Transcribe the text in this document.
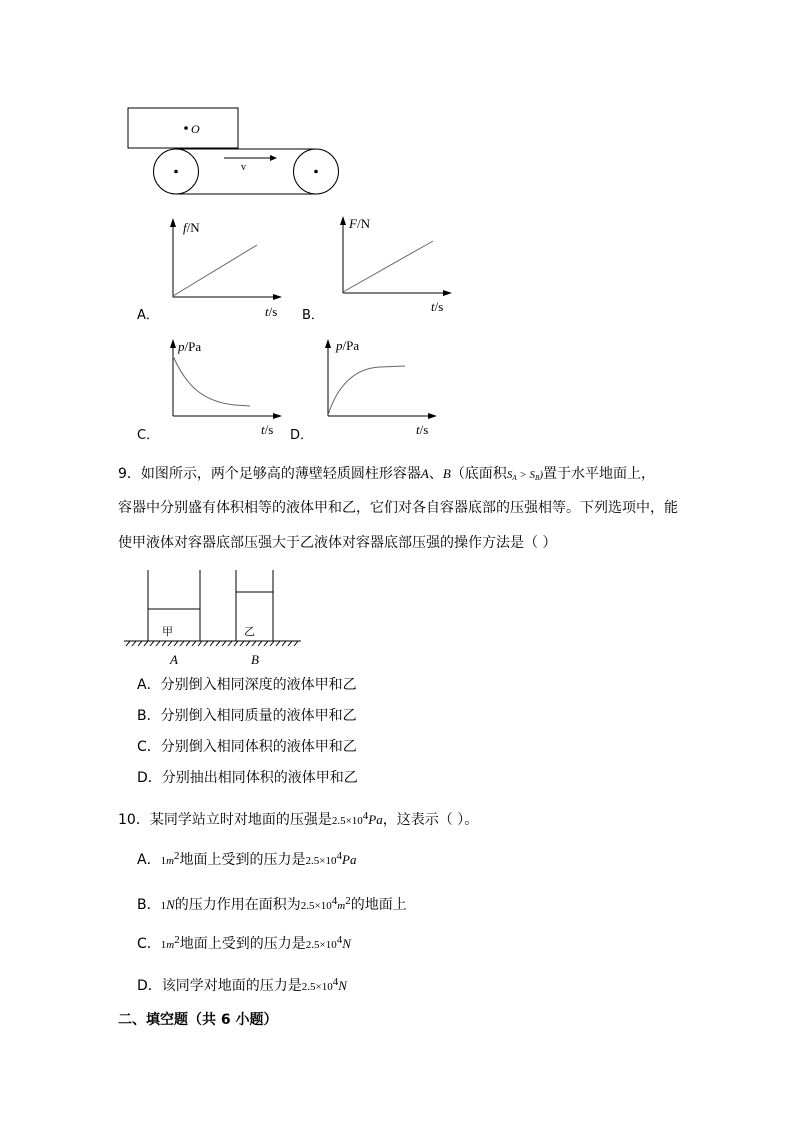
O
v
f/N
t/s
A．
F/N
t/s
B．
p/Pa
t/s
C．
p/Pa
t/s
D．
9．如图所示，两个足够高的薄壁轻质圆柱形容器A、B（底面积$S_A > S_B$)置于水平地面上，
容器中分别盛有体积相等的液体甲和乙，它们对各自容器底部的压强相等。下列选项中，能
使甲液体对容器底部压强大于乙液体对容器底部压强的操作方法是（ ）
A	B
甲	乙
A．分别倒入相同深度的液体甲和乙
B．分别倒入相同质量的液体甲和乙
C．分别倒入相同体积的液体甲和乙
D．分别抽出相同体积的液体甲和乙
10．某同学站立时对地面的压强是$2.5\times 10^4Pa$，这表示（ ）。
A．$1m^2$地面上受到的压力是$2.5\times 10^4Pa$
B．1N的压力作用在面积为$2.5\times 10^4m^2$的地面上
C．$1m^2$地面上受到的压力是$2.5\times 10^4N$
D．该同学对地面的压力是$2.5\times 10^4N$
二、填空题（共 6 小题）
